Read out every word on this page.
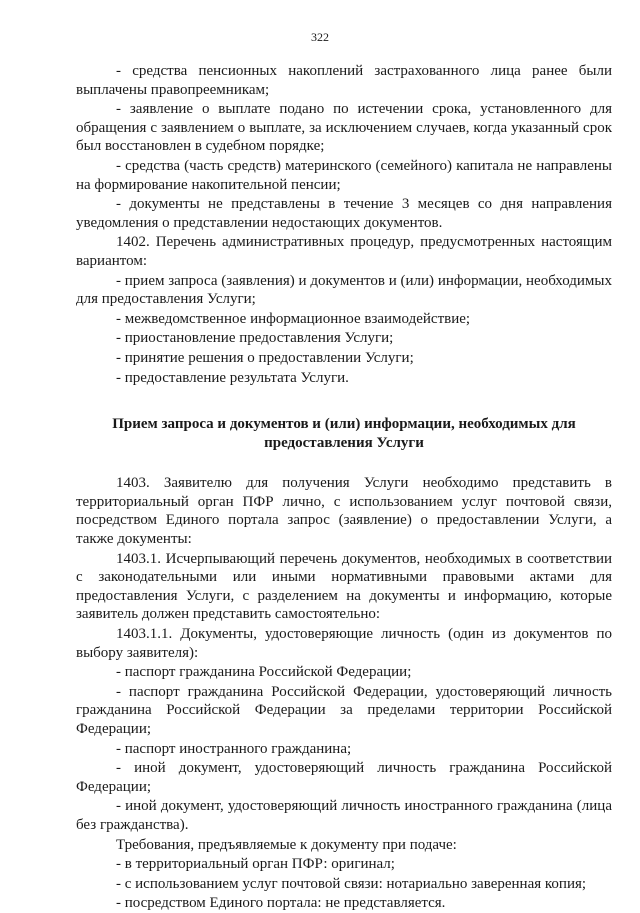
322

- средства пенсионных накоплений застрахованного лица ранее были выплачены правопреемникам;

- заявление о выплате подано по истечении срока, установленного для обращения с заявлением о выплате, за исключением случаев, когда указанный срок был восстановлен в судебном порядке;

- средства (часть средств) материнского (семейного) капитала не направлены на формирование накопительной пенсии;

- документы не представлены в течение 3 месяцев со дня направления уведомления о представлении недостающих документов.

1402. Перечень административных процедур, предусмотренных настоящим вариантом:

- прием запроса (заявления) и документов и (или) информации, необходимых для предоставления Услуги;

- межведомственное информационное взаимодействие;

- приостановление предоставления Услуги;

- принятие решения о предоставлении Услуги;

- предоставление результата Услуги.

Прием запроса и документов и (или) информации, необходимых для
предоставления Услуги

1403. Заявителю для получения Услуги необходимо представить в территориальный орган ПФР лично, с использованием услуг почтовой связи, посредством Единого портала запрос (заявление) о предоставлении Услуги, а также документы:

1403.1. Исчерпывающий перечень документов, необходимых в соответствии с законодательными или иными нормативными правовыми актами для предоставления Услуги, с разделением на документы и информацию, которые заявитель должен представить самостоятельно:

1403.1.1. Документы, удостоверяющие личность (один из документов по выбору заявителя):

- паспорт гражданина Российской Федерации;

- паспорт гражданина Российской Федерации, удостоверяющий личность гражданина Российской Федерации за пределами территории Российской Федерации;

- паспорт иностранного гражданина;

- иной документ, удостоверяющий личность гражданина Российской Федерации;

- иной документ, удостоверяющий личность иностранного гражданина (лица без гражданства).

Требования, предъявляемые к документу при подаче:

- в территориальный орган ПФР: оригинал;

- с использованием услуг почтовой связи: нотариально заверенная копия;

- посредством Единого портала: не представляется.
